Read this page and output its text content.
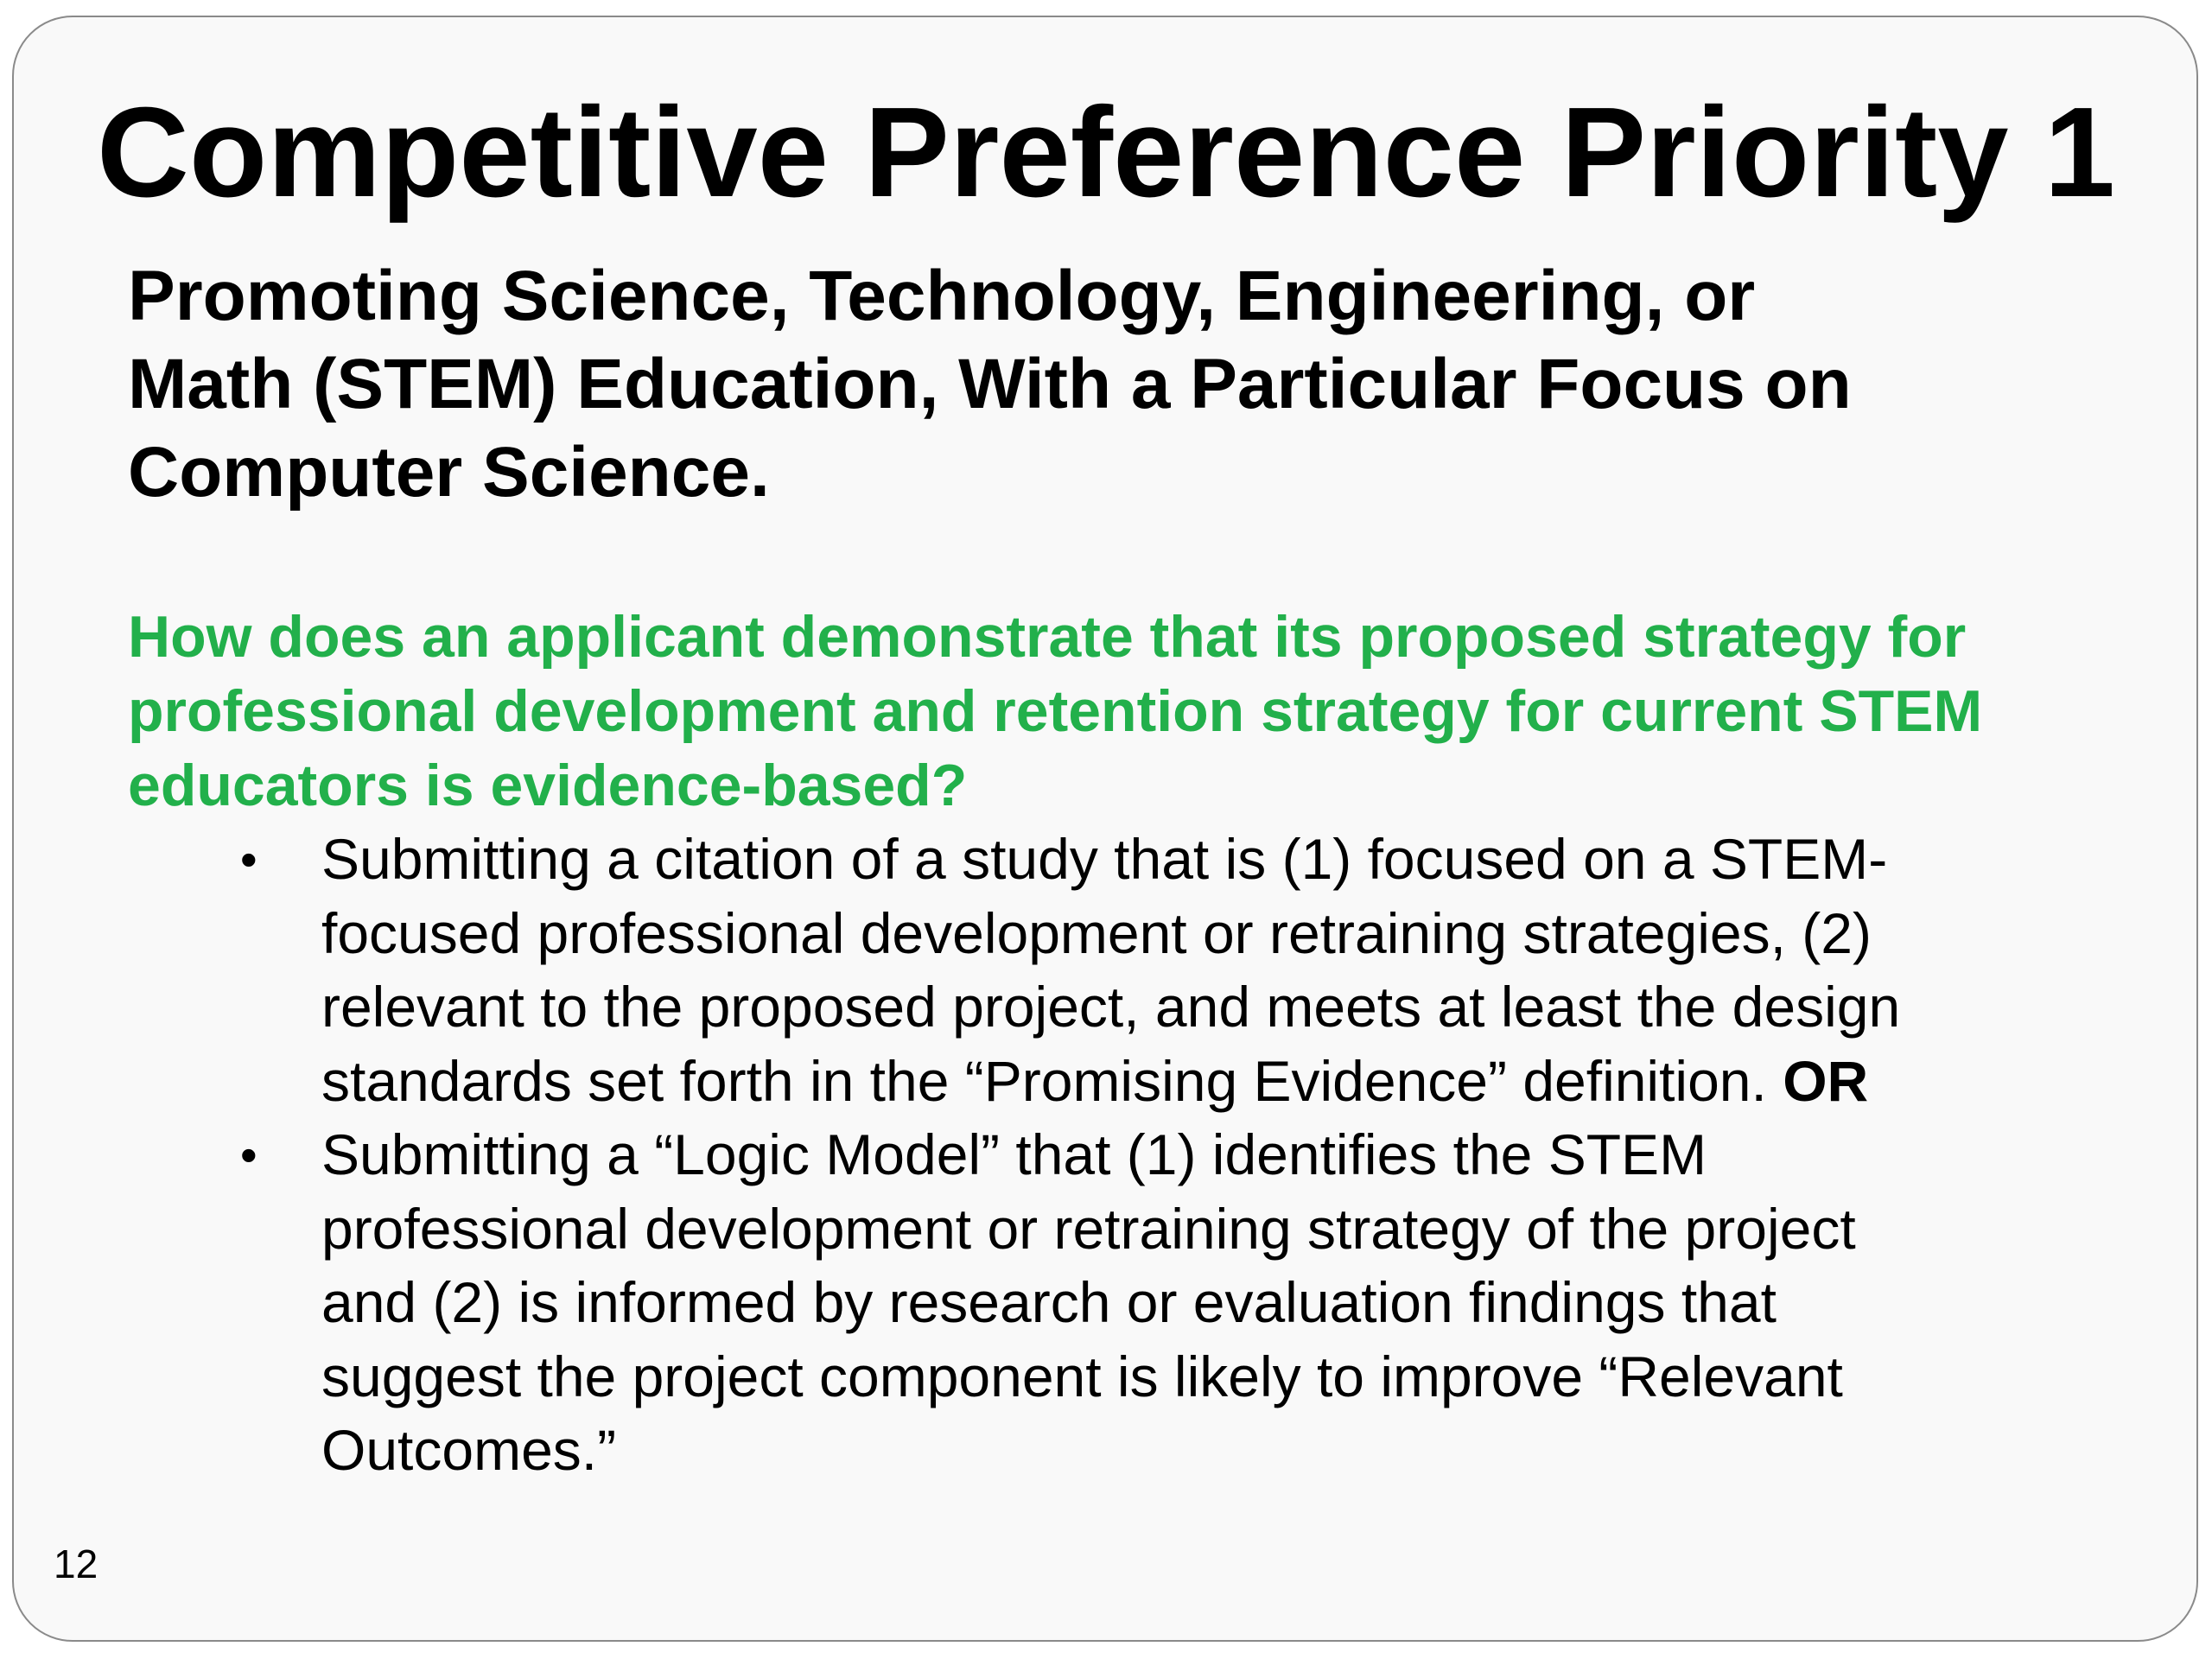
Competitive Preference Priority 1

Promoting Science, Technology, Engineering, or
Math (STEM) Education, With a Particular Focus on
Computer Science.

How does an applicant demonstrate that its proposed strategy for
professional development and retention strategy for current STEM
educators is evidence-based?

• Submitting a citation of a study that is (1) focused on a STEM-
focused professional development or retraining strategies, (2)
relevant to the proposed project, and meets at least the design
standards set forth in the “Promising Evidence” definition. OR
• Submitting a “Logic Model” that (1) identifies the STEM
professional development or retraining strategy of the project
and (2) is informed by research or evaluation findings that
suggest the project component is likely to improve “Relevant
Outcomes.”
12
